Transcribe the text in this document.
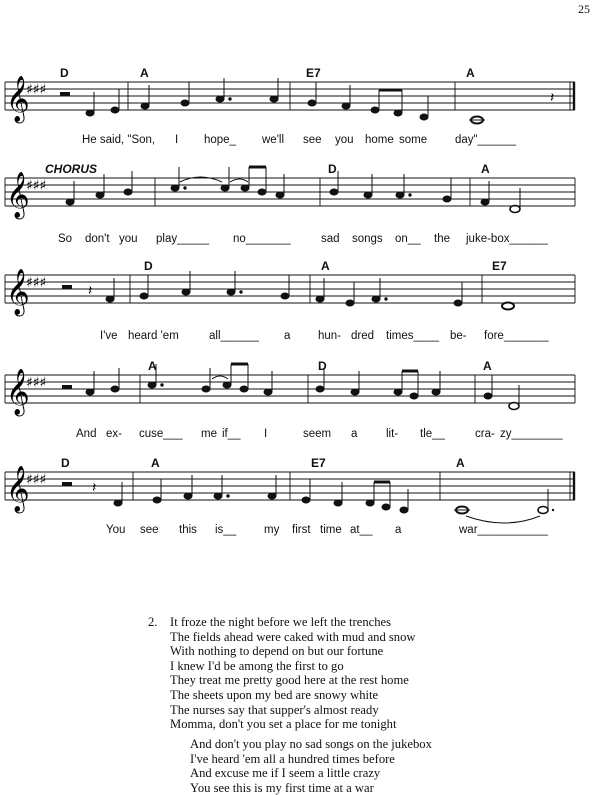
25
D	A	E7	A
𝄞
♯♯♯	𝄽
He said, "Son, I hope_ we'll see you home some day"______
CHORUS	D	A
𝄞
♯♯♯
So don't you play_____ no_______	sad songs on__ the juke-box______
D	A	E7
𝄞
♯♯♯	𝄽
I've heard 'em	all______ a hun- dred times____ be- fore_______
A	D	A
𝄞
♯♯♯
And ex- cuse___ me if__ I	seem a lit- tle__	cra- zy________
D	A	E7	A
𝄞
♯♯♯	𝄽
You see this is__ my first time at__ a	war___________
2. It froze the night before we left the trenches
The fields ahead were caked with mud and snow
With nothing to depend on but our fortune
I knew I'd be among the first to go
They treat me pretty good here at the rest home
The sheets upon my bed are snowy white
The nurses say that supper's almost ready
Momma, don't you set a place for me tonight
And don't you play no sad songs on the jukebox
I've heard 'em all a hundred times before
And excuse me if I seem a little crazy
You see this is my first time at a war
